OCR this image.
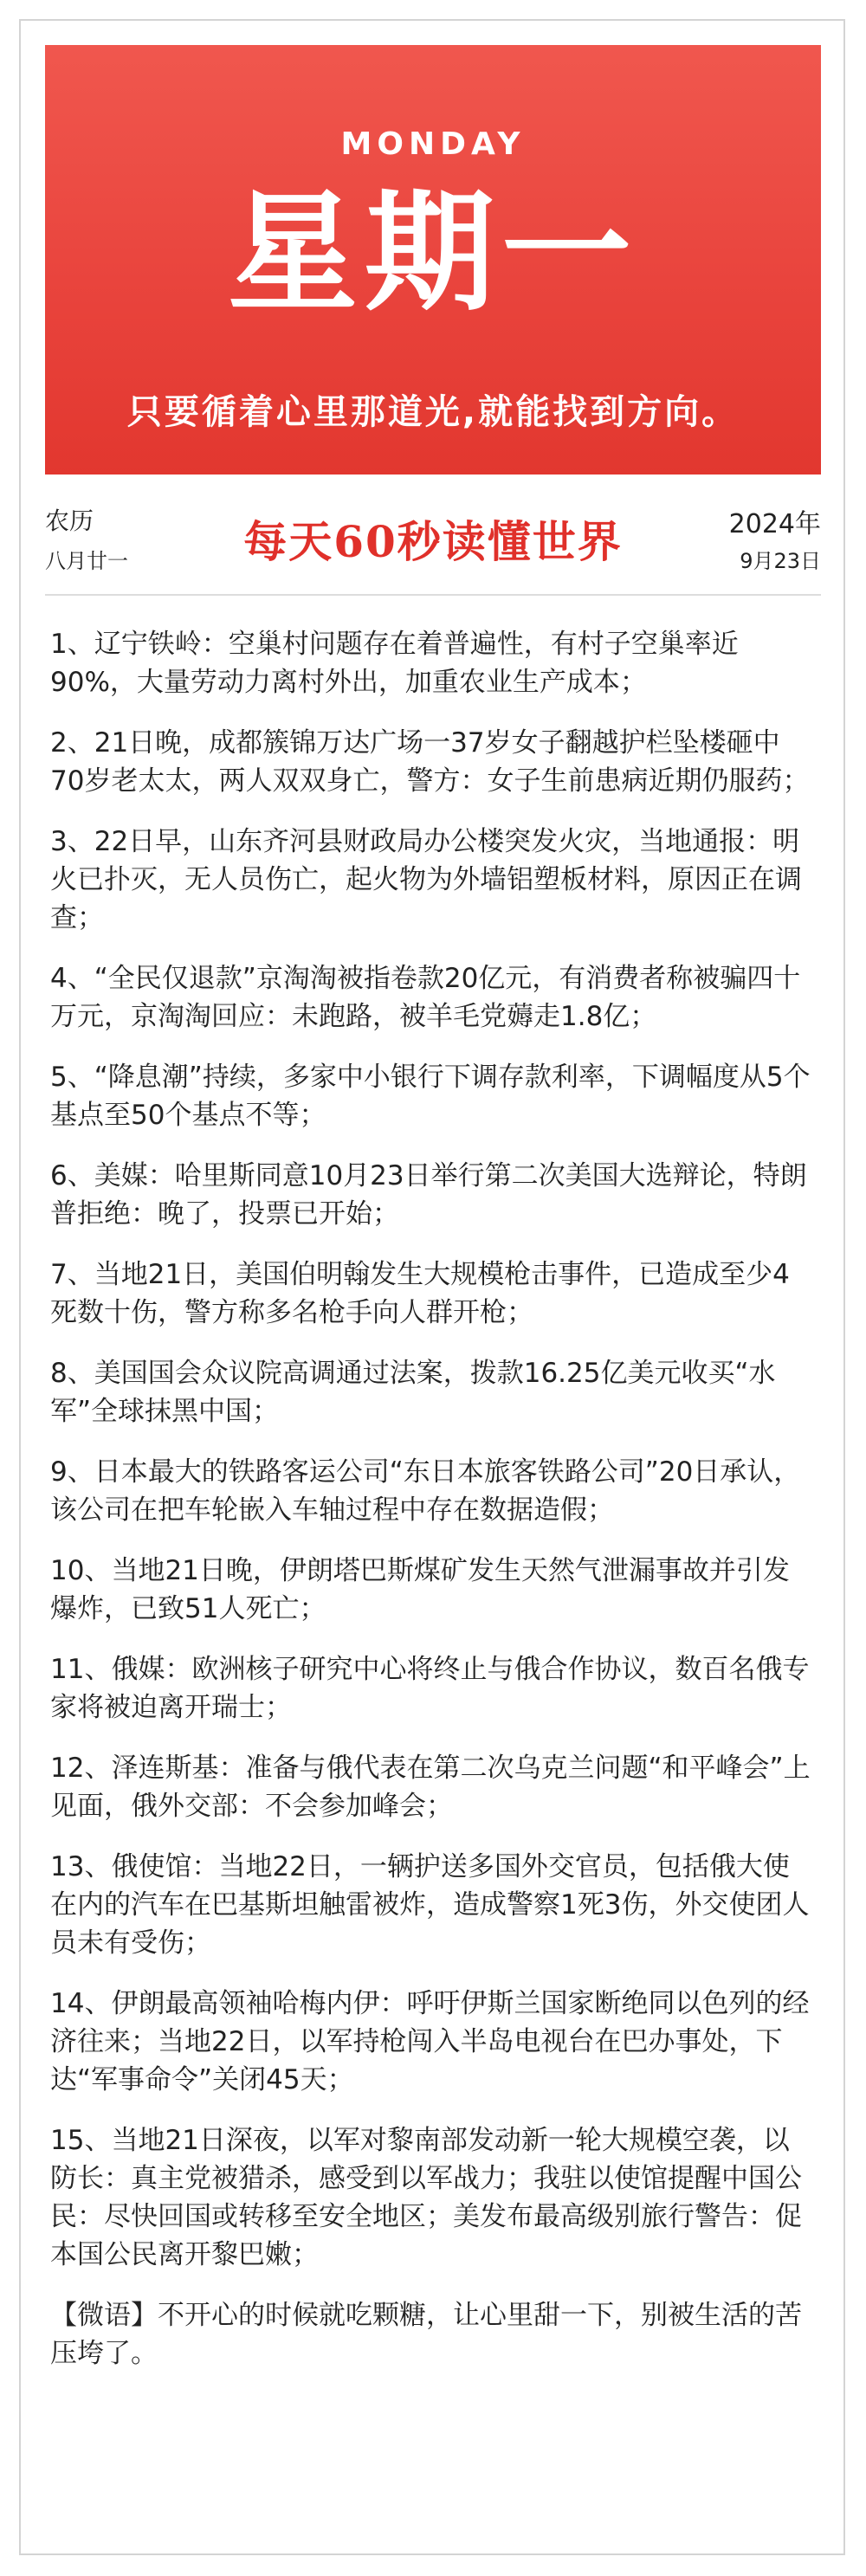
MONDAY
星期一
只要循着心里那道光,就能找到方向。
农历
八月廿一	每天60秒读懂世界	2024年
9月23日
1、辽宁铁岭：空巢村问题存在着普遍性，有村子空巢率近90%，大量劳动力离村外出，加重农业生产成本；
2、21日晚，成都簇锦万达广场一37岁女子翻越护栏坠楼砸中70岁老太太，两人双双身亡，警方：女子生前患病近期仍服药；
3、22日早，山东齐河县财政局办公楼突发火灾，当地通报：明火已扑灭，无人员伤亡，起火物为外墙铝塑板材料，原因正在调查；
4、“全民仅退款”京淘淘被指卷款20亿元，有消费者称被骗四十万元，京淘淘回应：未跑路，被羊毛党薅走1.8亿；
5、“降息潮”持续，多家中小银行下调存款利率，下调幅度从5个基点至50个基点不等；
6、美媒：哈里斯同意10月23日举行第二次美国大选辩论，特朗普拒绝：晚了，投票已开始；
7、当地21日，美国伯明翰发生大规模枪击事件，已造成至少4死数十伤，警方称多名枪手向人群开枪；
8、美国国会众议院高调通过法案，拨款16.25亿美元收买“水军”全球抹黑中国；
9、日本最大的铁路客运公司“东日本旅客铁路公司”20日承认，该公司在把车轮嵌入车轴过程中存在数据造假；
10、当地21日晚，伊朗塔巴斯煤矿发生天然气泄漏事故并引发爆炸，已致51人死亡；
11、俄媒：欧洲核子研究中心将终止与俄合作协议，数百名俄专家将被迫离开瑞士；
12、泽连斯基：准备与俄代表在第二次乌克兰问题“和平峰会”上见面，俄外交部：不会参加峰会；
13、俄使馆：当地22日，一辆护送多国外交官员，包括俄大使在内的汽车在巴基斯坦触雷被炸，造成警察1死3伤，外交使团人员未有受伤；
14、伊朗最高领袖哈梅内伊：呼吁伊斯兰国家断绝同以色列的经济往来；当地22日，以军持枪闯入半岛电视台在巴办事处，下达“军事命令”关闭45天；
15、当地21日深夜，以军对黎南部发动新一轮大规模空袭，以防长：真主党被猎杀，感受到以军战力；我驻以使馆提醒中国公民：尽快回国或转移至安全地区；美发布最高级别旅行警告：促本国公民离开黎巴嫩；
【微语】不开心的时候就吃颗糖，让心里甜一下，别被生活的苦压垮了。
